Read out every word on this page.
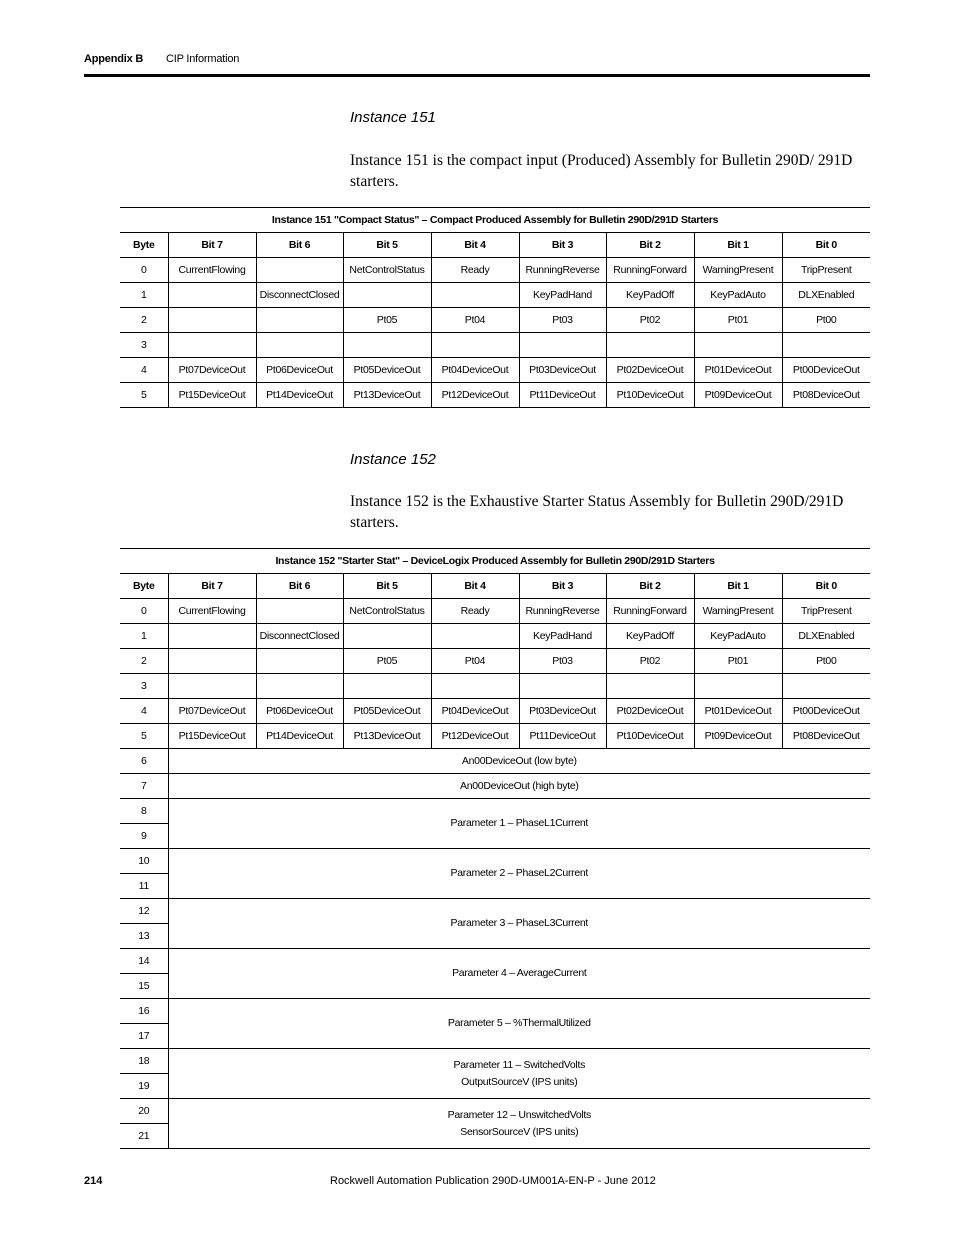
Appendix B CIP Information
Instance 151
Instance 151 is the compact input (Produced) Assembly for Bulletin 290D/ 291D starters.
Instance 151 "Compact Status" – Compact Produced Assembly for Bulletin 290D/291D Starters								
Byte	Bit 7	Bit 6	Bit 5	Bit 4	Bit 3	Bit 2	Bit 1	Bit 0
0	CurrentFlowing		NetControlStatus	Ready	RunningReverse	RunningForward	WarningPresent	TripPresent
1		DisconnectClosed			KeyPadHand	KeyPadOff	KeyPadAuto	DLXEnabled
2			Pt05	Pt04	Pt03	Pt02	Pt01	Pt00
3								
4	Pt07DeviceOut	Pt06DeviceOut	Pt05DeviceOut	Pt04DeviceOut	Pt03DeviceOut	Pt02DeviceOut	Pt01DeviceOut	Pt00DeviceOut
5	Pt15DeviceOut	Pt14DeviceOut	Pt13DeviceOut	Pt12DeviceOut	Pt11DeviceOut	Pt10DeviceOut	Pt09DeviceOut	Pt08DeviceOut
Instance 152
Instance 152 is the Exhaustive Starter Status Assembly for Bulletin 290D/291D starters.
Instance 152 "Starter Stat" – DeviceLogix Produced Assembly for Bulletin 290D/291D Starters								
Byte	Bit 7	Bit 6	Bit 5	Bit 4	Bit 3	Bit 2	Bit 1	Bit 0
0	CurrentFlowing		NetControlStatus	Ready	RunningReverse	RunningForward	WarningPresent	TripPresent
1		DisconnectClosed			KeyPadHand	KeyPadOff	KeyPadAuto	DLXEnabled
2			Pt05	Pt04	Pt03	Pt02	Pt01	Pt00
3								
4	Pt07DeviceOut	Pt06DeviceOut	Pt05DeviceOut	Pt04DeviceOut	Pt03DeviceOut	Pt02DeviceOut	Pt01DeviceOut	Pt00DeviceOut
5	Pt15DeviceOut	Pt14DeviceOut	Pt13DeviceOut	Pt12DeviceOut	Pt11DeviceOut	Pt10DeviceOut	Pt09DeviceOut	Pt08DeviceOut
6	An00DeviceOut (low byte)							
7	An00DeviceOut (high byte)							
8	Parameter 1 – PhaseL1Current							

9								
10	Parameter 2 – PhaseL2Current							

11								
12	Parameter 3 – PhaseL3Current							

13								
14	Parameter 4 – AverageCurrent							

15								
16	Parameter 5 – %ThermalUtilized							

17								
18	Parameter 11 – SwitchedVolts
OutputSourceV (IPS units)							

19								
20	Parameter 12 – UnswitchedVolts
SensorSourceV (IPS units)							

21								
214	Rockwell Automation Publication 290D-UM001A-EN-P - June 2012
